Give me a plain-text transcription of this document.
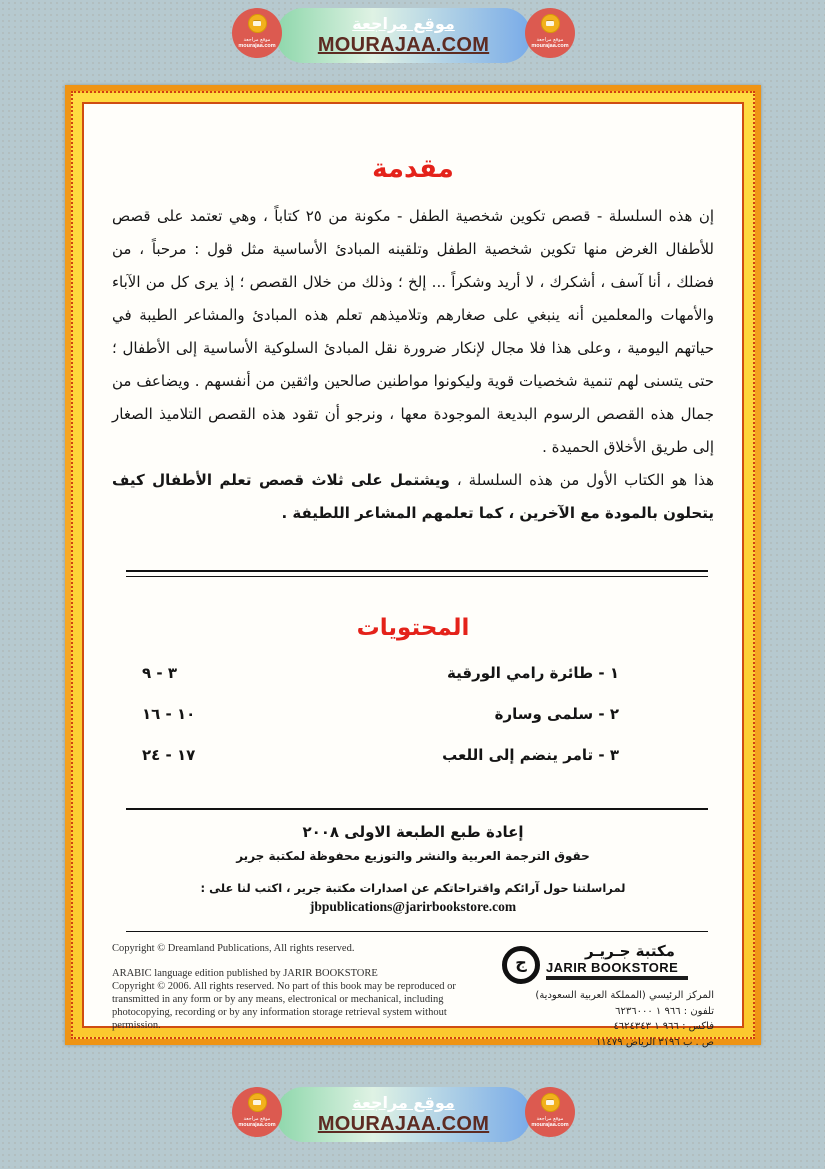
موقع مراجعة
MOURAJAA.COM
موقع مراجعة
mourajaa.com
موقع مراجعة
mourajaa.com
مقدمة

إن هذه السلسلة - قصص تكوين شخصية الطفل - مكونة من ٢٥ كتاباً ، وهي تعتمد على قصص للأطفال الغرض منها تكوين شخصية الطفل وتلقينه المبادئ الأساسية مثل قول : مرحباً ، من فضلك ، أنا آسف ، أشكرك ، لا أريد وشكراً ... إلخ ؛ وذلك من خلال القصص ؛ إذ يرى كل من الآباء والأمهات والمعلمين أنه ينبغي على صغارهم وتلاميذهم تعلم هذه المبادئ والمشاعر الطيبة في حياتهم اليومية ، وعلى هذا فلا مجال لإنكار ضرورة نقل المبادئ السلوكية الأساسية إلى الأطفال ؛ حتى يتسنى لهم تنمية شخصيات قوية وليكونوا مواطنين صالحين واثقين من أنفسهم . ويضاعف من جمال هذه القصص الرسوم البديعة الموجودة معها ، ونرجو أن تقود هذه القصص التلاميذ الصغار إلى طريق الأخلاق الحميدة .

هذا هو الكتاب الأول من هذه السلسلة ، ويشتمل على ثلاث قصص تعلم الأطفال كيف يتحلون بالمودة مع الآخرين ، كما تعلمهم المشاعر اللطيفة .

المحتويات
١ - طائرة رامي الورقية
٣ - ٩
٢ - سلمى وسارة
١٠ - ١٦
٣ - تامر ينضم إلى اللعب
١٧ - ٢٤
إعادة طبع الطبعة الاولى ٢٠٠٨
حقوق الترجمة العربية والنشر والتوزيع محفوظة لمكتبة جرير
لمراسلتنا حول آرائكم واقتراحاتكم عن اصدارات مكتبة جرير ، اكتب لنا على :
jbpublications@jarirbookstore.com

Copyright © Dreamland Publications, All rights reserved.

ARABIC language edition published by JARIR BOOKSTORE
Copyright © 2006. All rights reserved. No part of this book may be reproduced or transmitted in any form or by any means, electronical or mechanical, including photocopying, recording or by any information storage retrieval system without permission.

ج
مكتبة جـريـر
JARIR BOOKSTORE
المركز الرئيسي (المملكة العربية السعودية)
تلفون : ٩٦٦ ١ ٦٢٣٦٠٠٠
فاكس : ٩٦٦ ١ ٤٦٢٤٣٤٣
ص . ب ٣١٩٦ الرياض ١١٤٧٩
موقع مراجعة
MOURAJAA.COM
موقع مراجعة
mourajaa.com
موقع مراجعة
mourajaa.com
